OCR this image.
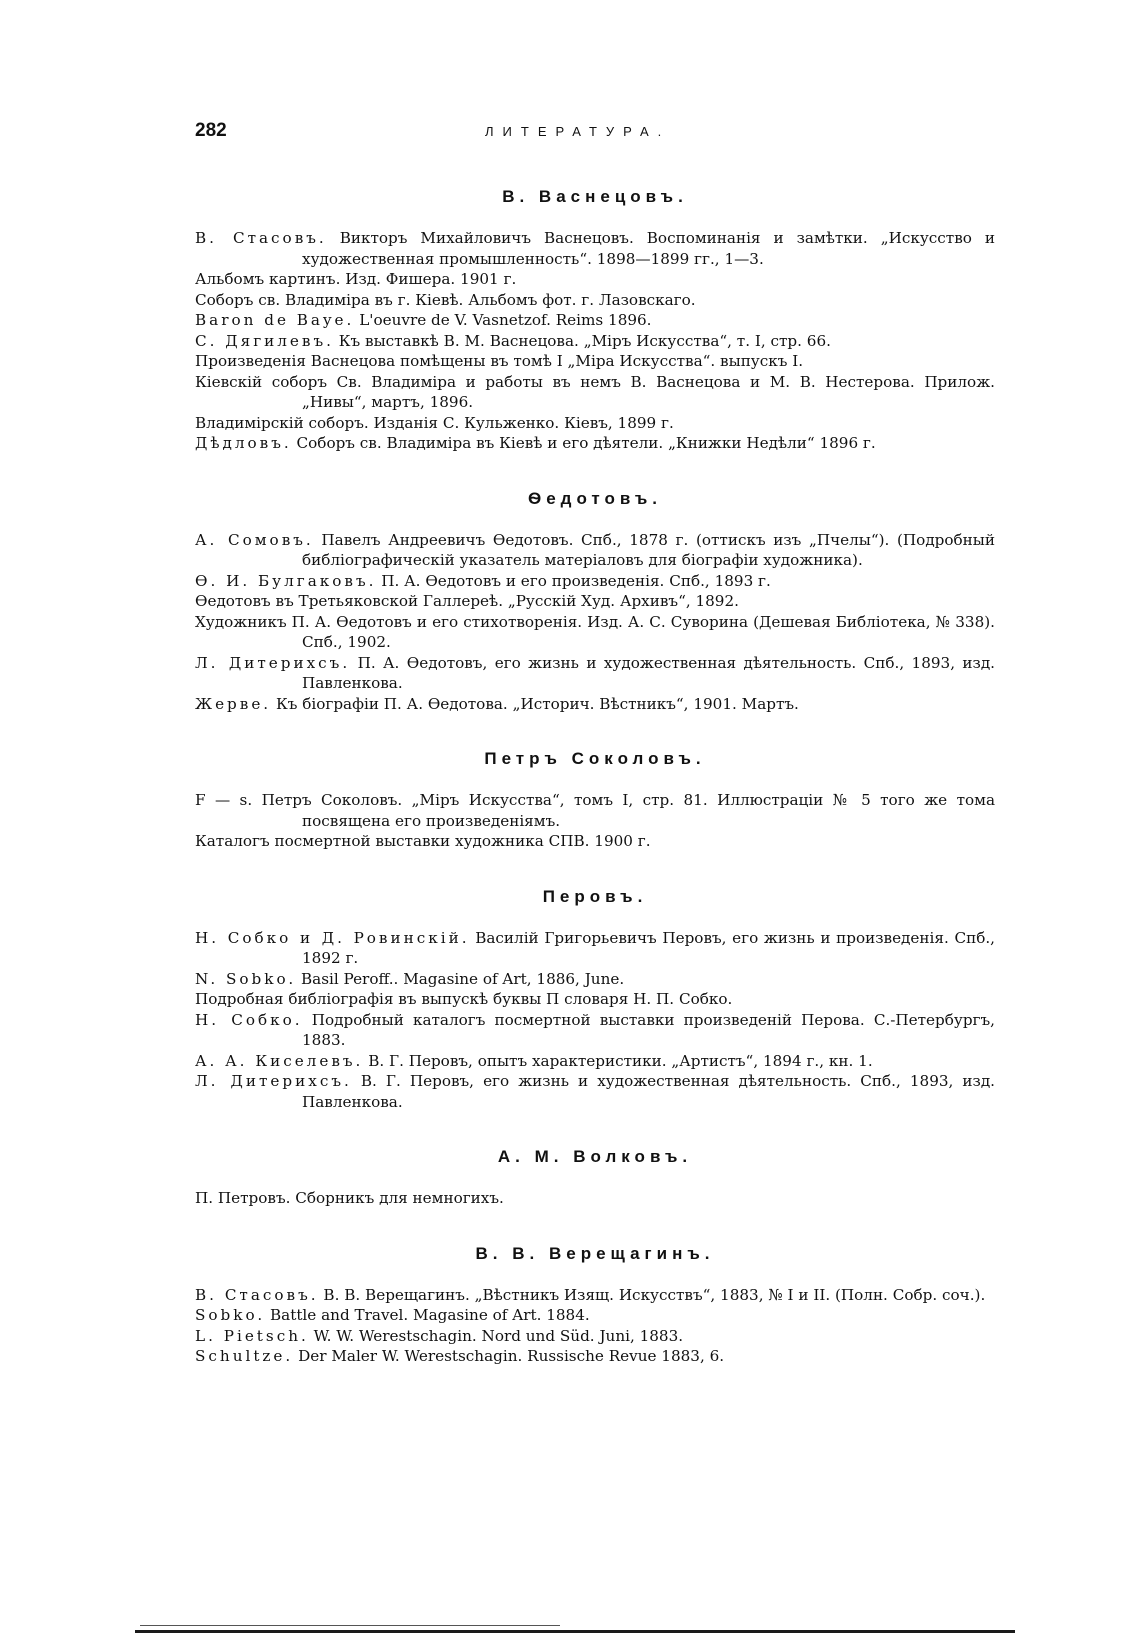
282	ЛИТЕРАТУРА.
В. Васнецовъ.
В. Стасовъ. Викторъ Михайловичъ Васнецовъ. Воспоминанія и замѣтки. „Искусство и художественная промышленность“. 1898—1899 гг., 1—3.
Альбомъ картинъ. Изд. Фишера. 1901 г.
Соборъ св. Владиміра въ г. Кіевѣ. Альбомъ фот. г. Лазовскаго.
Baron de Baye. L'oeuvre de V. Vasnetzof. Reims 1896.
С. Дягилевъ. Къ выставкѣ В. М. Васнецова. „Міръ Искусства“, т. I, стр. 66.
Произведенія Васнецова помѣщены въ томѣ I „Міра Искусства“. выпускъ I.
Кіевскій соборъ Св. Владиміра и работы въ немъ В. Васнецова и М. В. Нестерова. Прилож. „Нивы“, мартъ, 1896.
Владимірскій соборъ. Изданія С. Кульженко. Кіевъ, 1899 г.
Дѣдловъ. Соборъ св. Владиміра въ Кіевѣ и его дѣятели. „Книжки Недѣли“ 1896 г.
Ѳедотовъ.
А. Сомовъ. Павелъ Андреевичъ Ѳедотовъ. Спб., 1878 г. (оттискъ изъ „Пчелы“). (Подробный библіографическій указатель матеріаловъ для біографіи художника).
Ѳ. И. Булгаковъ. П. А. Ѳедотовъ и его произведенія. Спб., 1893 г.
Ѳедотовъ въ Третьяковской Галлереѣ. „Русскій Худ. Архивъ“, 1892.
Художникъ П. А. Ѳедотовъ и его стихотворенія. Изд. А. С. Суворина (Дешевая Библіотека, № 338). Спб., 1902.
Л. Дитерихсъ. П. А. Ѳедотовъ, его жизнь и художественная дѣятельность. Спб., 1893, изд. Павленкова.
Жерве. Къ біографіи П. А. Ѳедотова. „Историч. Вѣстникъ“, 1901. Мартъ.
Петръ Соколовъ.
F — s. Петръ Соколовъ. „Міръ Искусства“, томъ I, стр. 81. Иллюстраціи № 5 того же тома посвящена его произведеніямъ.
Каталогъ посмертной выставки художника СПВ. 1900 г.
Перовъ.
Н. Собко и Д. Ровинскій. Василій Григорьевичъ Перовъ, его жизнь и произведенія. Спб., 1892 г.
N. Sobko. Basil Peroff.. Magasine of Art, 1886, June.
Подробная библіографія въ выпускѣ буквы П словаря Н. П. Собко.
Н. Собко. Подробный каталогъ посмертной выставки произведеній Перова. С.-Петербургъ, 1883.
А. А. Киселевъ. В. Г. Перовъ, опытъ характеристики. „Артистъ“, 1894 г., кн. 1.
Л. Дитерихсъ. В. Г. Перовъ, его жизнь и художественная дѣятельность. Спб., 1893, изд. Павленкова.
А. М. Волковъ.
П. Петровъ. Сборникъ для немногихъ.
В. В. Верещагинъ.
В. Стасовъ. В. В. Верещагинъ. „Вѣстникъ Изящ. Искусствъ“, 1883, № I и II. (Полн. Собр. соч.).
Sobko. Battle and Travel. Magasine of Art. 1884.
L. Pietsch. W. W. Werestschagin. Nord und Süd. Juni, 1883.
Schultze. Der Maler W. Werestschagin. Russische Revue 1883, 6.
